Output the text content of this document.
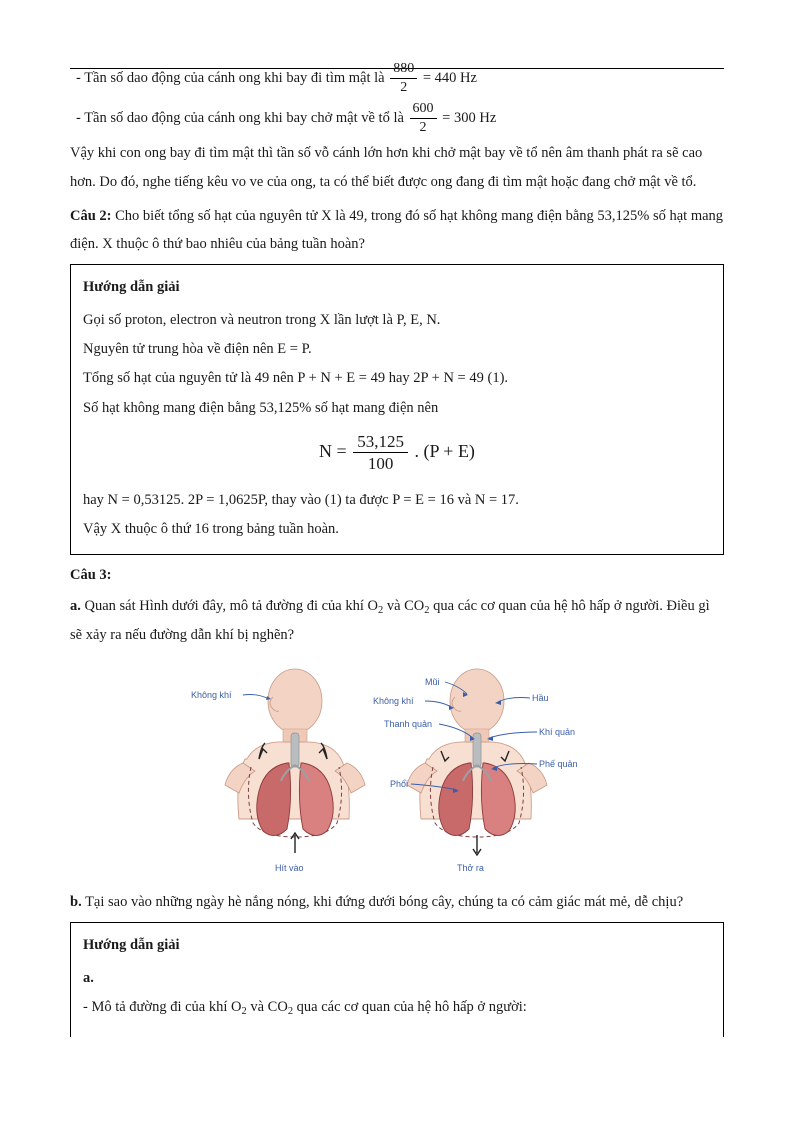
- Tần số dao động của cánh ong khi bay đi tìm mật là $\frac{880}{2} = 440$ Hz

- Tần số dao động của cánh ong khi bay chở mật về tổ là $\frac{600}{2} = 300$ Hz

Vậy khi con ong bay đi tìm mật thì tần số vỗ cánh lớn hơn khi chở mật bay về tổ nên âm thanh phát ra sẽ cao hơn. Do đó, nghe tiếng kêu vo ve của ong, ta có thể biết được ong đang đi tìm mật hoặc đang chở mật về tổ.

Câu 2: Cho biết tổng số hạt của nguyên tử X là 49, trong đó số hạt không mang điện bằng 53,125% số hạt mang điện. X thuộc ô thứ bao nhiêu của bảng tuần hoàn?

Hướng dẫn giải

Gọi số proton, electron và neutron trong X lần lượt là P, E, N.

Nguyên tử trung hòa về điện nên E = P.

Tổng số hạt của nguyên tử là 49 nên P + N + E = 49 hay 2P + N = 49 (1).

Số hạt không mang điện bằng 53,125% số hạt mang điện nên

$N = \frac{53,125}{100}$ . (P + E)

hay N = 0,53125. 2P = 1,0625P, thay vào (1) ta được P = E = 16 và N = 17.

Vậy X thuộc ô thứ 16 trong bảng tuần hoàn.

Câu 3:

a. Quan sát Hình dưới đây, mô tả đường đi của khí $O_2$ và $CO_2$ qua các cơ quan của hệ hô hấp ở người. Điều gì sẽ xảy ra nếu đường dẫn khí bị nghẽn?

Không khí
Hít vào	Thở ra
Mũi
Không khí
Thanh quản
Hầu
Khí quản
Phế quản
Phổi

b. Tại sao vào những ngày hè nắng nóng, khi đứng dưới bóng cây, chúng ta có cảm giác mát mẻ, dễ chịu?

Hướng dẫn giải

a.

- Mô tả đường đi của khí $O_2$ và $CO_2$ qua các cơ quan của hệ hô hấp ở người:
